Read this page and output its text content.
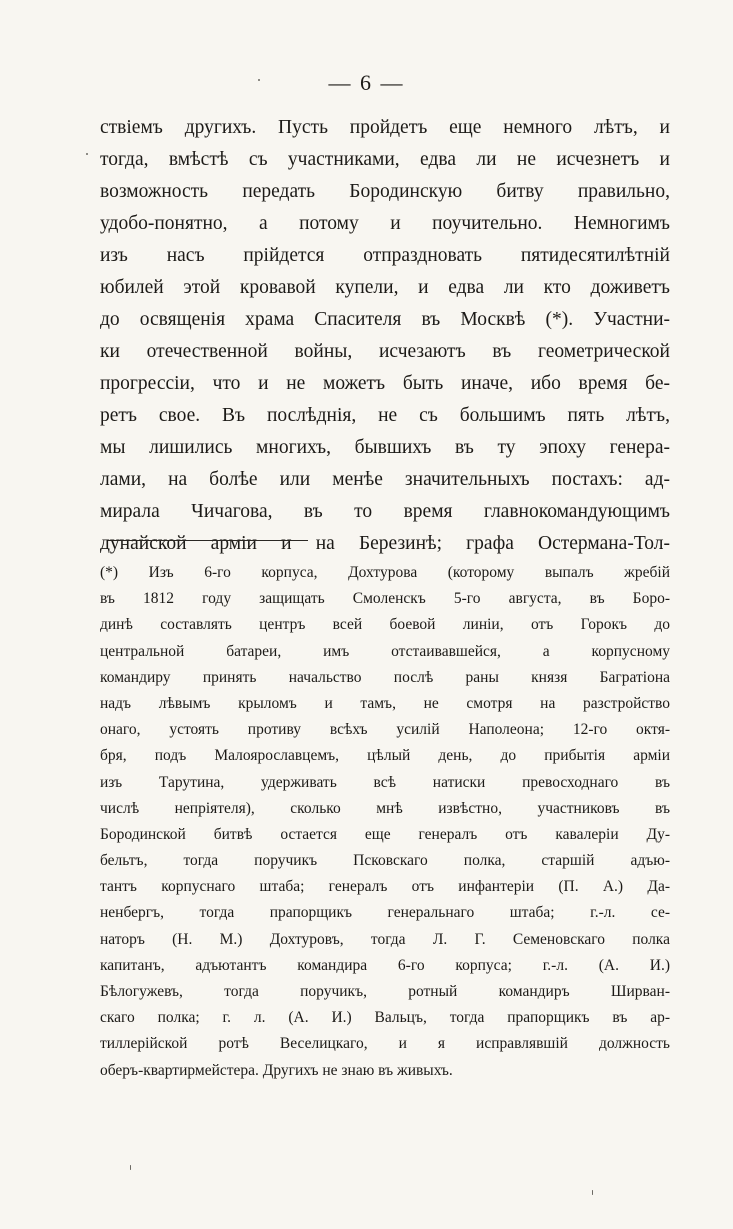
— 6 —
ствіемъ другихъ. Пусть пройдетъ еще немного лѣтъ, и
тогда, вмѣстѣ съ участниками, едва ли не исчезнетъ и
возможность передать Бородинскую битву правильно,
удобо-понятно, а потому и поучительно. Немногимъ
изъ насъ прійдется отпраздновать пятидесятилѣтній
юбилей этой кровавой купели, и едва ли кто доживетъ
до освященія храма Спасителя въ Москвѣ (*). Участни-
ки отечественной войны, исчезаютъ въ геометрической
прогрессіи, что и не можетъ быть иначе, ибо время бе-
ретъ свое. Въ послѣднія, не съ большимъ пять лѣтъ,
мы лишились многихъ, бывшихъ въ ту эпоху генера-
лами, на болѣе или менѣе значительныхъ постахъ: ад-
мирала Чичагова, въ то время главнокомандующимъ
дунайской арміи и на Березинѣ; графа Остермана-Тол-
(*) Изъ 6-го корпуса, Дохтурова (которому выпалъ жребій
въ 1812 году защищать Смоленскъ 5-го августа, въ Боро-
динѣ составлять центръ всей боевой линіи, отъ Горокъ до
центральной батареи, имъ отстаивавшейся, а корпусному
командиру принять начальство послѣ раны князя Багратіона
надъ лѣвымъ крыломъ и тамъ, не смотря на разстройство
онаго, устоять противу всѣхъ усилій Наполеона; 12-го октя-
бря, подъ Малоярославцемъ, цѣлый день, до прибытія арміи
изъ Тарутина, удерживать всѣ натиски превосходнаго въ
числѣ непріятеля), сколько мнѣ извѣстно, участниковъ въ
Бородинской битвѣ остается еще генералъ отъ кавалеріи Ду-
бельтъ, тогда поручикъ Псковскаго полка, старшій адъю-
тантъ корпуснаго штаба; генералъ отъ инфантеріи (П. А.) Да-
ненбергъ, тогда прапорщикъ генеральнаго штаба; г.-л. се-
наторъ (Н. М.) Дохтуровъ, тогда Л. Г. Семеновскаго полка
капитанъ, адъютантъ командира 6-го корпуса; г.-л. (А. И.)
Бѣлогужевъ, тогда поручикъ, ротный командиръ Ширван-
скаго полка; г. л. (А. И.) Вальцъ, тогда прапорщикъ въ ар-
тиллерійской ротѣ Веселицкаго, и я исправлявшій должность
оберъ-квартирмейстера. Другихъ не знаю въ живыхъ.
